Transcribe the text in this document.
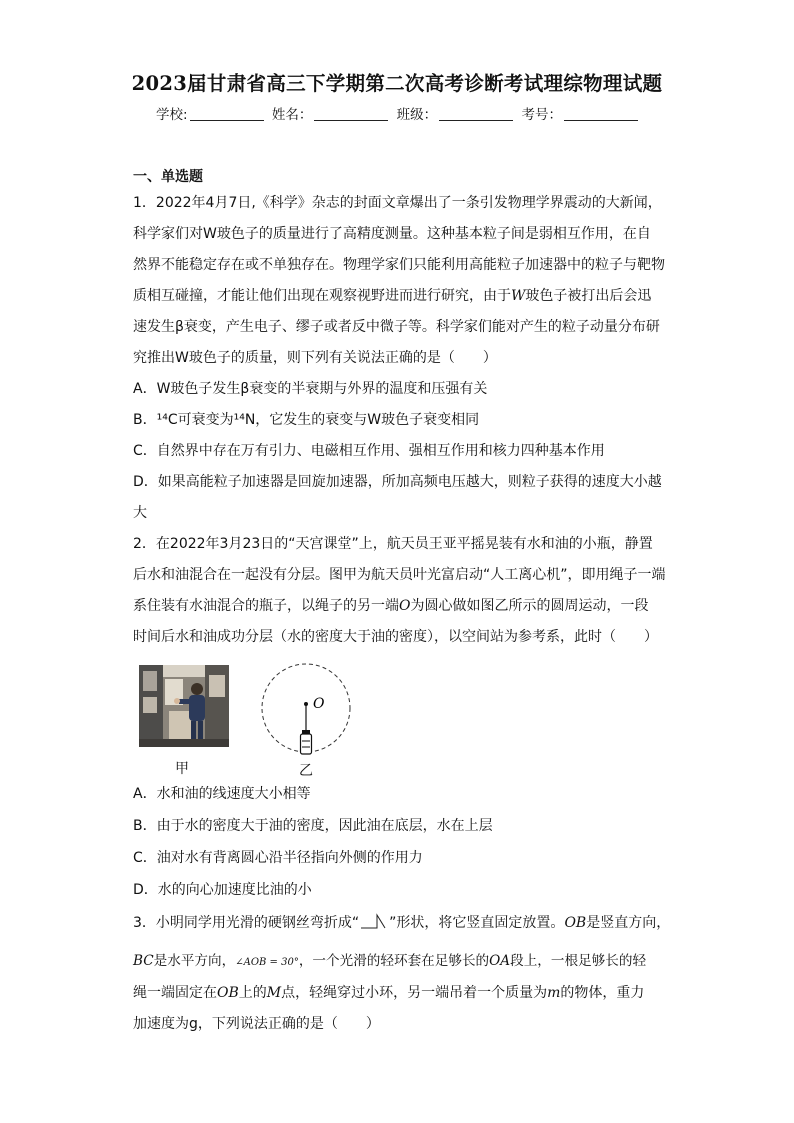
2023届甘肃省高三下学期第二次高考诊断考试理综物理试题
学校:	姓名：	班级：	考号：
一、单选题
1．2022年4月7日,《科学》杂志的封面文章爆出了一条引发物理学界震动的大新闻，
科学家们对W玻色子的质量进行了高精度测量。这种基本粒子间是弱相互作用，在自
然界不能稳定存在或不单独存在。物理学家们只能利用高能粒子加速器中的粒子与靶物
质相互碰撞，才能让他们出现在观察视野进而进行研究，由于W玻色子被打出后会迅
速发生β衰变，产生电子、缪子或者反中微子等。科学家们能对产生的粒子动量分布研
究推出W玻色子的质量，则下列有关说法正确的是（　　）
A．W玻色子发生β衰变的半衰期与外界的温度和压强有关
B．¹⁴C可衰变为¹⁴N，它发生的衰变与W玻色子衰变相同
C．自然界中存在万有引力、电磁相互作用、强相互作用和核力四种基本作用
D．如果高能粒子加速器是回旋加速器，所加高频电压越大，则粒子获得的速度大小越
大
2．在2022年3月23日的“天宫课堂”上，航天员王亚平摇晃装有水和油的小瓶，静置
后水和油混合在一起没有分层。图甲为航天员叶光富启动“人工离心机”，即用绳子一端
系住装有水油混合的瓶子，以绳子的另一端O为圆心做如图乙所示的圆周运动，一段
时间后水和油成功分层（水的密度大于油的密度），以空间站为参考系，此时（　　）
甲
O
乙
A．水和油的线速度大小相等
B．由于水的密度大于油的密度，因此油在底层，水在上层
C．油对水有背离圆心沿半径指向外侧的作用力
D．水的向心加速度比油的小
3．小明同学用光滑的硬钢丝弯折成“ ”形状，将它竖直固定放置。OB是竖直方向，
BC是水平方向，∠AOB = 30°，一个光滑的轻环套在足够长的OA段上，一根足够长的轻
绳一端固定在OB上的M点，轻绳穿过小环，另一端吊着一个质量为m的物体，重力
加速度为g，下列说法正确的是（　　）
